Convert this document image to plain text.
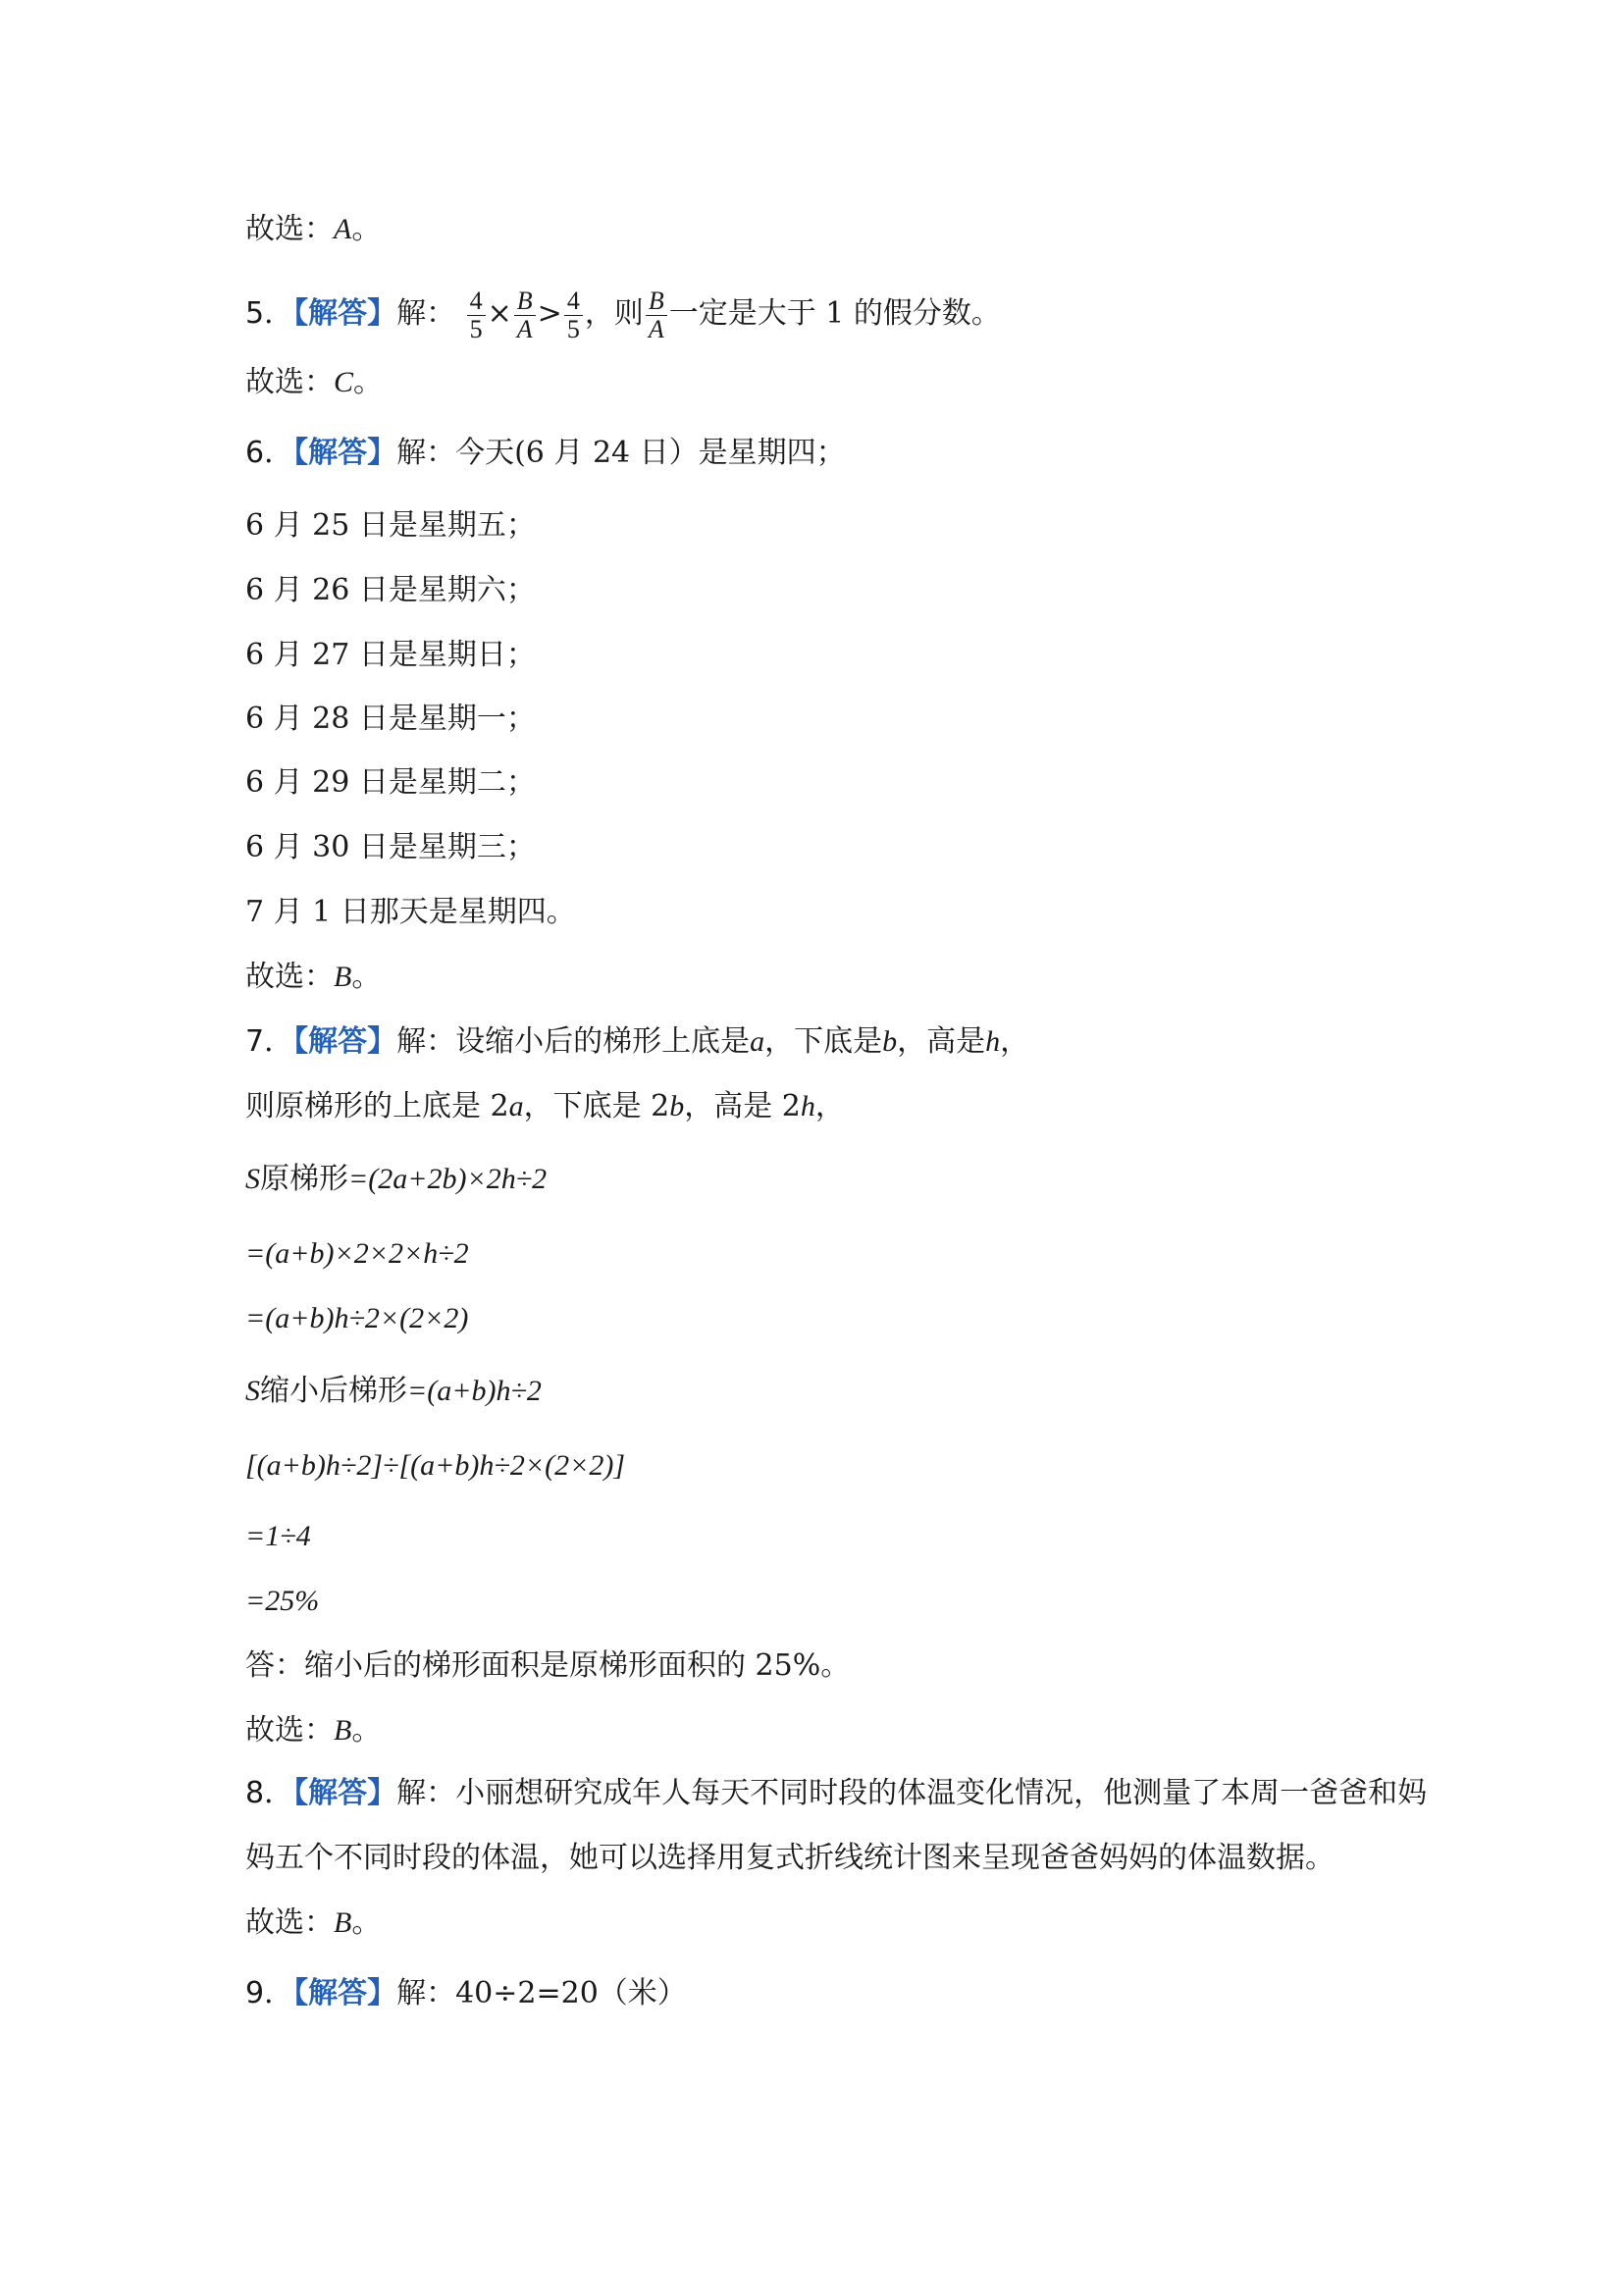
故选：A。
5．【解答】解： $\frac{4}{5} \times \frac{B}{A} > \frac{4}{5}$ ，则 $\frac{B}{A}$ 一定是大于 1 的假分数。
故选：C。
6．【解答】解：今天(6 月 24 日）是星期四；
6 月 25 日是星期五；
6 月 26 日是星期六；
6 月 27 日是星期日；
6 月 28 日是星期一；
6 月 29 日是星期二；
6 月 30 日是星期三；
7 月 1 日那天是星期四。
故选：B。
7．【解答】解：设缩小后的梯形上底是a，下底是b，高是h，
则原梯形的上底是 2a，下底是 2b，高是 2h，
S原梯形=(2a+2b)×2h÷2
=(a+b)×2×2×h÷2
=(a+b)h÷2×(2×2)
S缩小后梯形=(a+b)h÷2
[(a+b)h÷2]÷[(a+b)h÷2×(2×2)]
=1÷4
=25%
答：缩小后的梯形面积是原梯形面积的 25%。
故选：B。
8．【解答】解：小丽想研究成年人每天不同时段的体温变化情况，他测量了本周一爸爸和妈
妈五个不同时段的体温，她可以选择用复式折线统计图来呈现爸爸妈妈的体温数据。
故选：B。
9．【解答】解：40÷2=20（米）
